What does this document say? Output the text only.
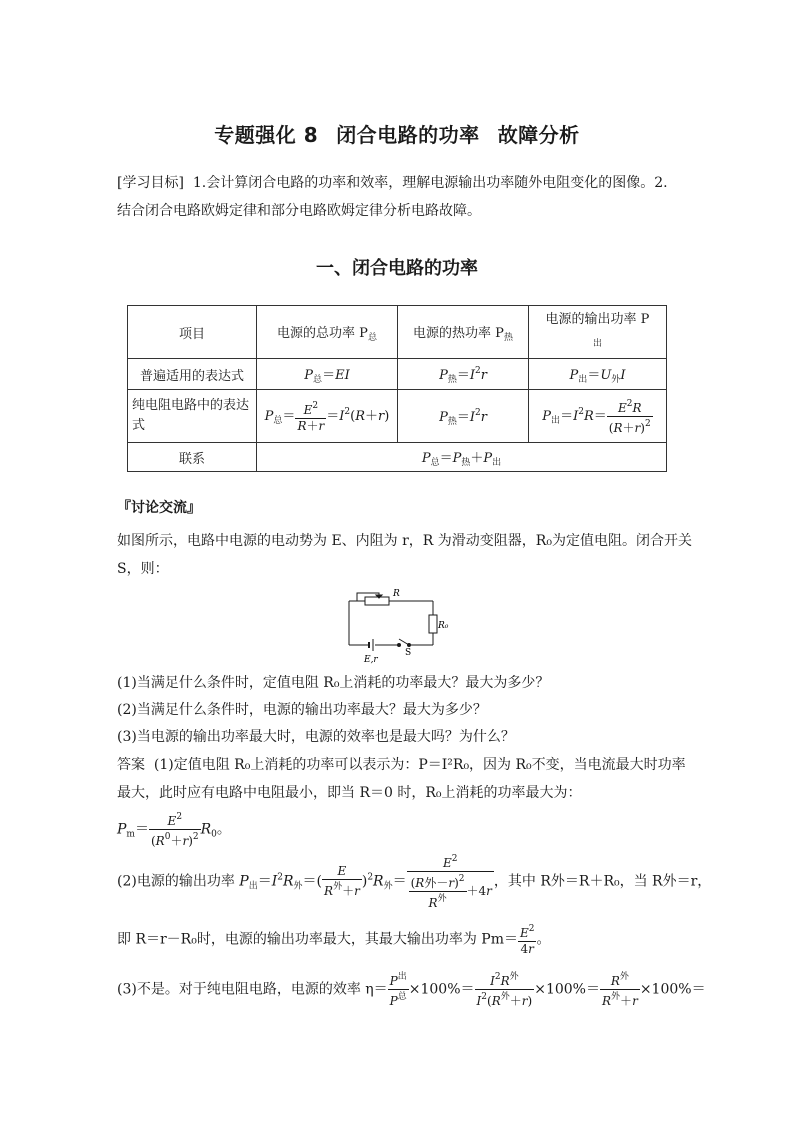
专题强化 8 闭合电路的功率 故障分析
[学习目标] 1.会计算闭合电路的功率和效率，理解电源输出功率随外电阻变化的图像。2.结合闭合电路欧姆定律和部分电路欧姆定律分析电路故障。
一、闭合电路的功率
项目	电源的总功率 $P_总$	电源的热功率 $P_热$	电源的输出功率 P
$_出$
普遍适用的表达式	$P_总=EI$	$P_热=I^2r$	$P_出=U_外I$
纯电阻电路中的表达式	$P_总= \frac{E^2}{R+r} =I^2(R+r)$	$P_热=I^2r$	$P_出=I^2R= \frac{E^2R}{(R+r)^2}$

联系	$P_总=P_热+P_出$
『讨论交流』
如图所示，电路中电源的电动势为 E、内阻为 r，R 为滑动变阻器，R₀为定值电阻。闭合开关
S，则：
R
R₀
E,r
S
(1)当满足什么条件时，定值电阻 R₀上消耗的功率最大？最大为多少？
(2)当满足什么条件时，电源的输出功率最大？最大为多少？
(3)当电源的输出功率最大时，电源的效率也是最大吗？为什么？
答案 (1)定值电阻 R₀上消耗的功率可以表示为：P＝I²R₀，因为 R₀不变，当电流最大时功率
最大，此时应有电路中电阻最小，即当 R＝0 时，R₀上消耗的功率最大为：
$P_m= \frac{E^2}{(R^0+r)^2} R_0$。
(2)电源的输出功率 $P_出=I^2R_外=( \frac{E}{R^外+r} )^2R_外= \frac{E^2}{\frac{(R外-r)^2}{R^外} +4r}$ ，其中 R外＝R＋R₀，当 R外＝r，
即 R＝r－R₀时，电源的输出功率最大，其最大输出功率为 $Pm= \frac{E^2}{4r}$ 。
(3)不是。对于纯电阻电路，电源的效率 $\eta= \frac{P^出}{P^总} \times 100\%= \frac{I^2R^外}{I^2(R^外+r)} \times 100\%= \frac{R^外}{R^外+r} \times 100\%=$
